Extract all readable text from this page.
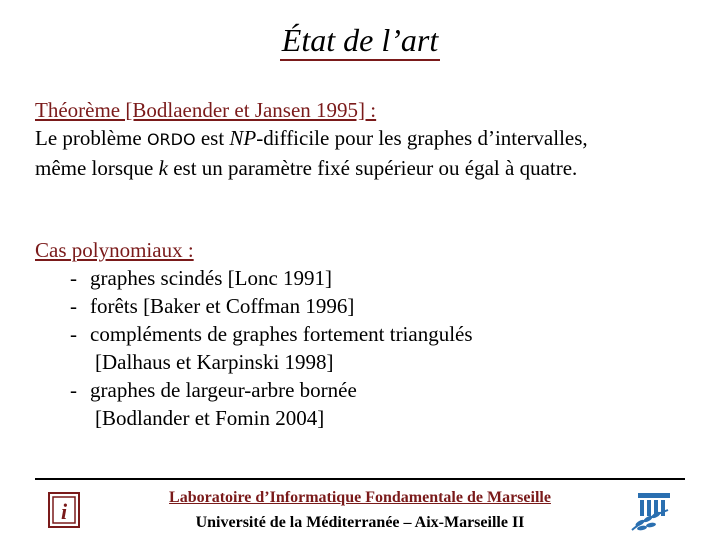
État de l’art
Théorème [Bodlaender et Jansen 1995] :
Le problème ORDO est NP-difficile pour les graphes d’intervalles,
même lorsque k est un paramètre fixé supérieur ou égal à quatre.
Cas polynomiaux :
- graphes scindés [Lonc 1991]
- forêts [Baker et Coffman 1996]
- compléments de graphes fortement triangulés
[Dalhaus et Karpinski 1998]
- graphes de largeur-arbre bornée
[Bodlander et Fomin 2004]
i
Laboratoire d’Informatique Fondamentale de Marseille
Université de la Méditerranée – Aix-Marseille II
